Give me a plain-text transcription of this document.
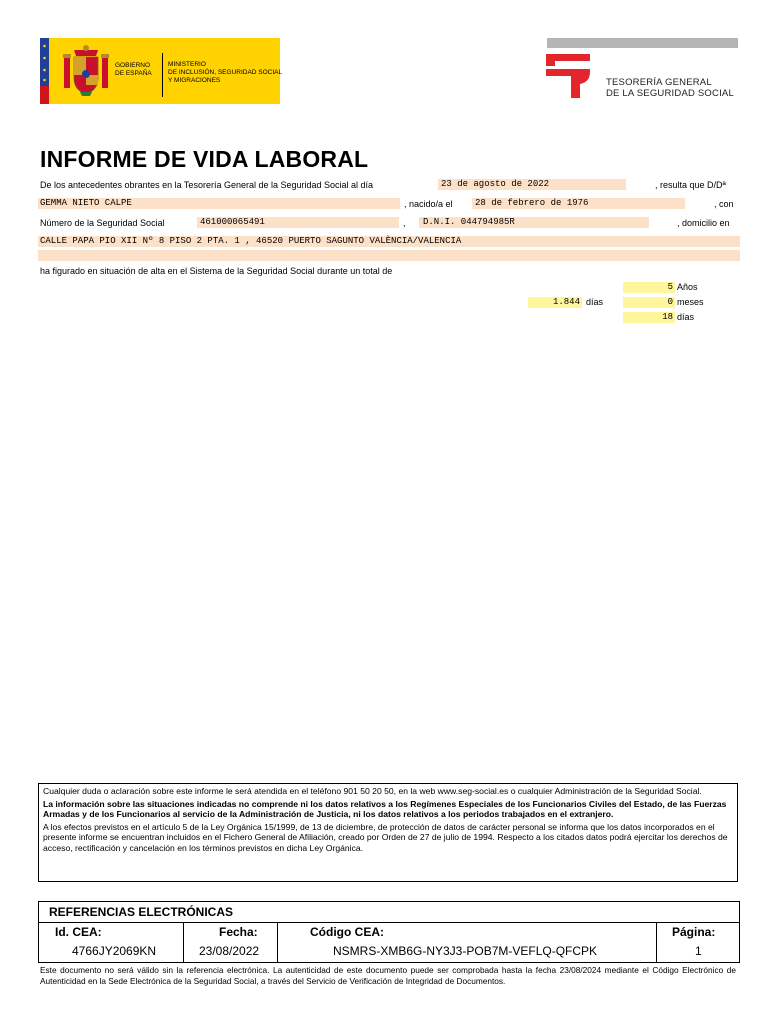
GOBIERNO
DE ESPAÑA
MINISTERIO
DE INCLUSIÓN, SEGURIDAD SOCIAL
Y MIGRACIONES	TESORERÍA GENERAL
DE LA SEGURIDAD SOCIAL
INFORME DE VIDA LABORAL
De los antecedentes obrantes en la Tesorería General de la Seguridad Social al día	23 de agosto de 2022	, resulta que D/Dª
GEMMA NIETO CALPE	, nacido/a el	28 de febrero de 1976	, con
Número de la Seguridad Social	461000065491	,	D.N.I. 044794985R	, domicilio en
CALLE PAPA PIO XII Nº 8 PISO 2 PTA. 1 , 46520 PUERTO SAGUNTO VALÈNCIA/VALENCIA
ha figurado en situación de alta en el Sistema de la Seguridad Social durante un total de
5 Años
1.844 días	0 meses
18 días

Cualquier duda o aclaración sobre este informe le será atendida en el teléfono 901 50 20 50, en la web www.seg-social.es o cualquier Administración de la Seguridad Social.

La información sobre las situaciones indicadas no comprende ni los datos relativos a los Regímenes Especiales de los Funcionarios Civiles del Estado, de las Fuerzas Armadas y de los Funcionarios al servicio de la Administración de Justicia, ni los datos relativos a los periodos trabajados en el extranjero.

A los efectos previstos en el artículo 5 de la Ley Orgánica 15/1999, de 13 de diciembre, de protección de datos de carácter personal se informa que los datos incorporados en el presente informe se encuentran incluidos en el Fichero General de Afiliación, creado por Orden de 27 de julio de 1994. Respecto a los citados datos podrá ejercitar los derechos de acceso, rectificación y cancelación en los términos previstos en dicha Ley Orgánica.

REFERENCIAS ELECTRÓNICAS
Id. CEA:	Fecha:	Código CEA:	Página:
4766JY2069KN	23/08/2022	NSMRS-XMB6G-NY3J3-POB7M-VEFLQ-QFCPK	1
Este documento no será válido sin la referencia electrónica. La autenticidad de este documento puede ser comprobada hasta la fecha 23/08/2024 mediante el Código Electrónico de Autenticidad en la Sede Electrónica de la Seguridad Social, a través del Servicio de Verificación de Integridad de Documentos.
